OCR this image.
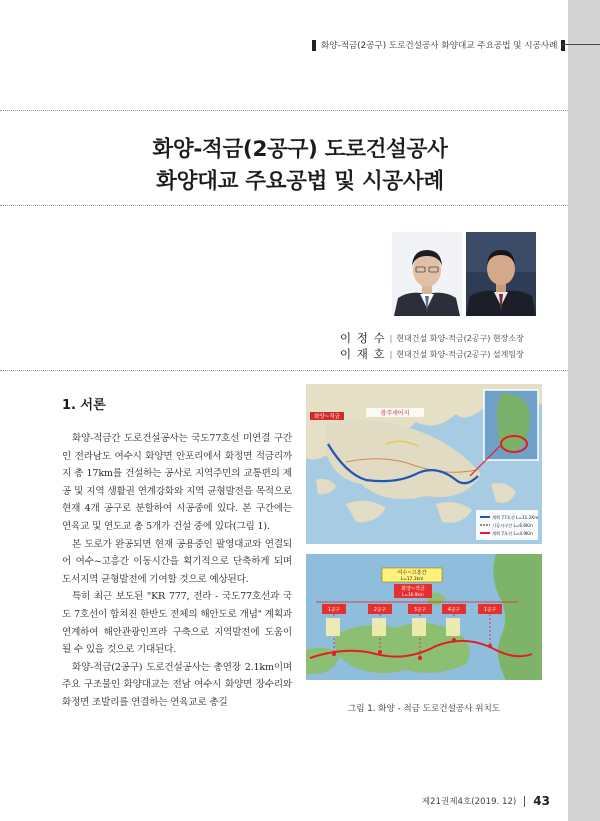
화양-적금(2공구) 도로건설공사 화양대교 주요공법 및 시공사례
화양-적금(2공구) 도로건설공사
화양대교 주요공법 및 시공사례
이 정 수 | 현대건설 화양-적금(2공구) 현장소장
이 재 호 | 현대건설 화양-적금(2공구) 설계팀장
1. 서론

화양-적금간 도로건설공사는 국도77호선 미연결 구간인 전라남도 여수시 화양면 안포리에서 화정면 적금리까지 총 17km를 건설하는 공사로 지역주민의 교통편의 제공 및 지역 생활권 연계강화와 지역 균형발전을 목적으로 현재 4개 공구로 분할하여 시공중에 있다. 본 구간에는 연육교 및 연도교 총 5개가 건설 중에 있다(그림 1).

본 도로가 완공되면 현재 공용중인 팔영대교와 연결되어 여수~고흥간 이동시간을 획기적으로 단축하게 되며 도서지역 균형발전에 기여할 것으로 예상된다.

특히 최근 보도된 "KR 777, 전라 - 국도77호선과 국도 7호선이 합쳐진 한반도 전체의 해안도로 개념" 계획과 연계하여 해안관광인프라 구축으로 지역발전에 도움이 될 수 있을 것으로 기대된다.

화양-적금(2공구) 도로건설공사는 총연장 2.1km이며 주요 구조물인 화양대교는 전남 여수시 화양면 장수리와 화정면 조발리를 연결하는 연육교로 총길

광주세어지
화양~적금
계획 77호선 L=11.2Km
기공사구간 L=6.6Km
계획 7호선 L=4.9Km
여수~고흥간
L=17.1km
화양~적금
L=16.9km
1공구	2공구	3공구	4공구	1공구
그림 1. 화양 - 적금 도로건설공사 위치도
제21권제4호(2019. 12) 43
